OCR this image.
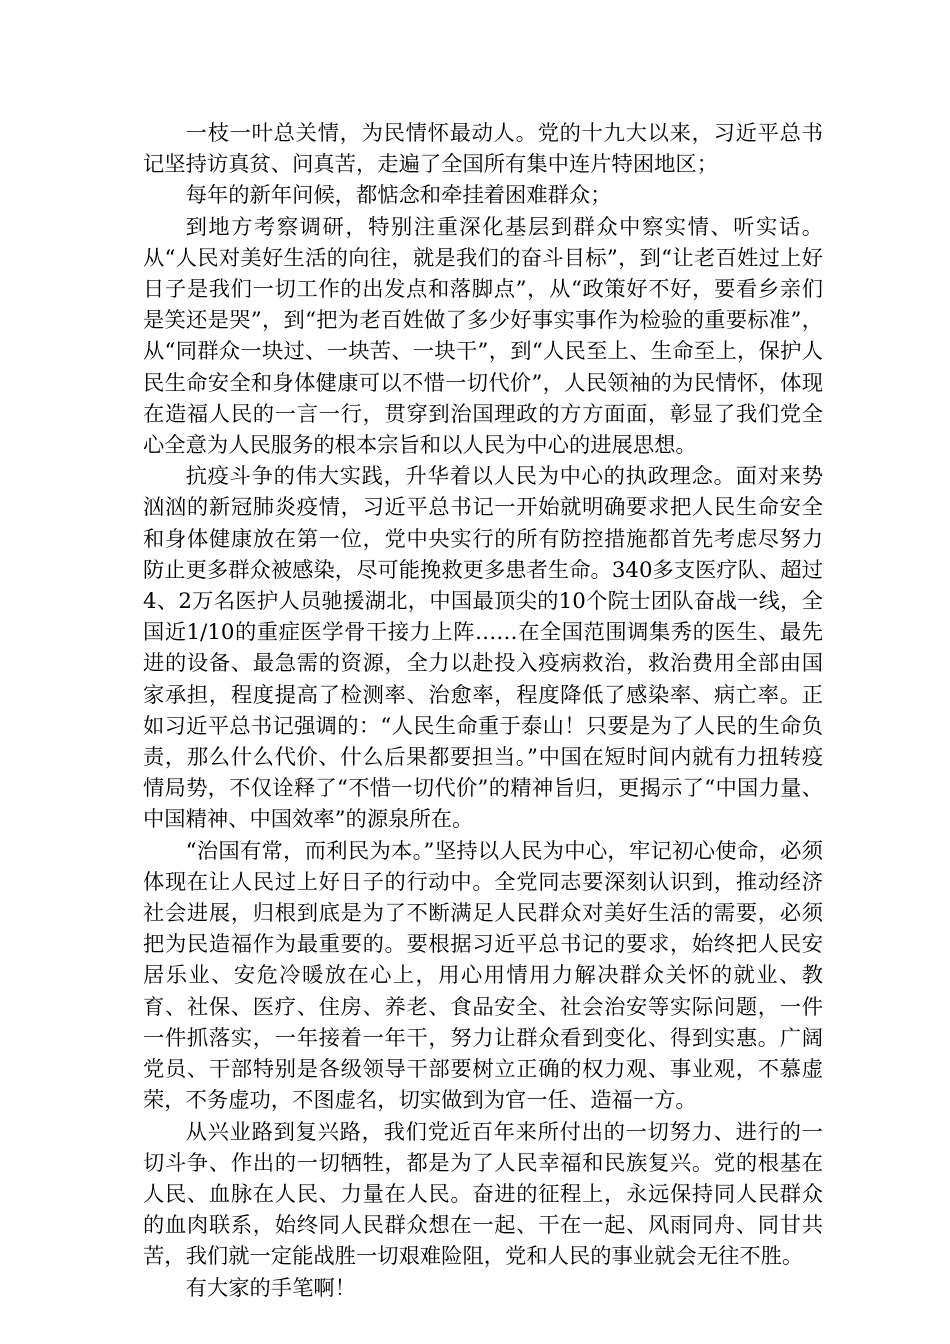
一枝一叶总关情，为民情怀最动人。党的十九大以来，习近平总书记坚持访真贫、问真苦，走遍了全国所有集中连片特困地区；

每年的新年问候，都惦念和牵挂着困难群众；

到地方考察调研，特别注重深化基层到群众中察实情、听实话。从“人民对美好生活的向往，就是我们的奋斗目标”，到“让老百姓过上好日子是我们一切工作的出发点和落脚点”，从“政策好不好，要看乡亲们是笑还是哭”，到“把为老百姓做了多少好事实事作为检验的重要标准”，从“同群众一块过、一块苦、一块干”，到“人民至上、生命至上，保护人民生命安全和身体健康可以不惜一切代价”，人民领袖的为民情怀，体现在造福人民的一言一行，贯穿到治国理政的方方面面，彰显了我们党全心全意为人民服务的根本宗旨和以人民为中心的进展思想。

抗疫斗争的伟大实践，升华着以人民为中心的执政理念。面对来势汹汹的新冠肺炎疫情，习近平总书记一开始就明确要求把人民生命安全和身体健康放在第一位，党中央实行的所有防控措施都首先考虑尽努力防止更多群众被感染，尽可能挽救更多患者生命。340多支医疗队、超过4、2万名医护人员驰援湖北，中国最顶尖的10个院士团队奋战一线，全国近1/10的重症医学骨干接力上阵……在全国范围调集秀的医生、最先进的设备、最急需的资源，全力以赴投入疫病救治，救治费用全部由国家承担，程度提高了检测率、治愈率，程度降低了感染率、病亡率。正如习近平总书记强调的：“人民生命重于泰山！只要是为了人民的生命负责，那么什么代价、什么后果都要担当。”中国在短时间内就有力扭转疫情局势，不仅诠释了“不惜一切代价”的精神旨归，更揭示了“中国力量、中国精神、中国效率”的源泉所在。

“治国有常，而利民为本。”坚持以人民为中心，牢记初心使命，必须体现在让人民过上好日子的行动中。全党同志要深刻认识到，推动经济社会进展，归根到底是为了不断满足人民群众对美好生活的需要，必须把为民造福作为最重要的。要根据习近平总书记的要求，始终把人民安居乐业、安危冷暖放在心上，用心用情用力解决群众关怀的就业、教育、社保、医疗、住房、养老、食品安全、社会治安等实际问题，一件一件抓落实，一年接着一年干，努力让群众看到变化、得到实惠。广阔党员、干部特别是各级领导干部要树立正确的权力观、事业观，不慕虚荣，不务虚功，不图虚名，切实做到为官一任、造福一方。

从兴业路到复兴路，我们党近百年来所付出的一切努力、进行的一切斗争、作出的一切牺牲，都是为了人民幸福和民族复兴。党的根基在人民、血脉在人民、力量在人民。奋进的征程上，永远保持同人民群众的血肉联系，始终同人民群众想在一起、干在一起、风雨同舟、同甘共苦，我们就一定能战胜一切艰难险阻，党和人民的事业就会无往不胜。

有大家的手笔啊！
